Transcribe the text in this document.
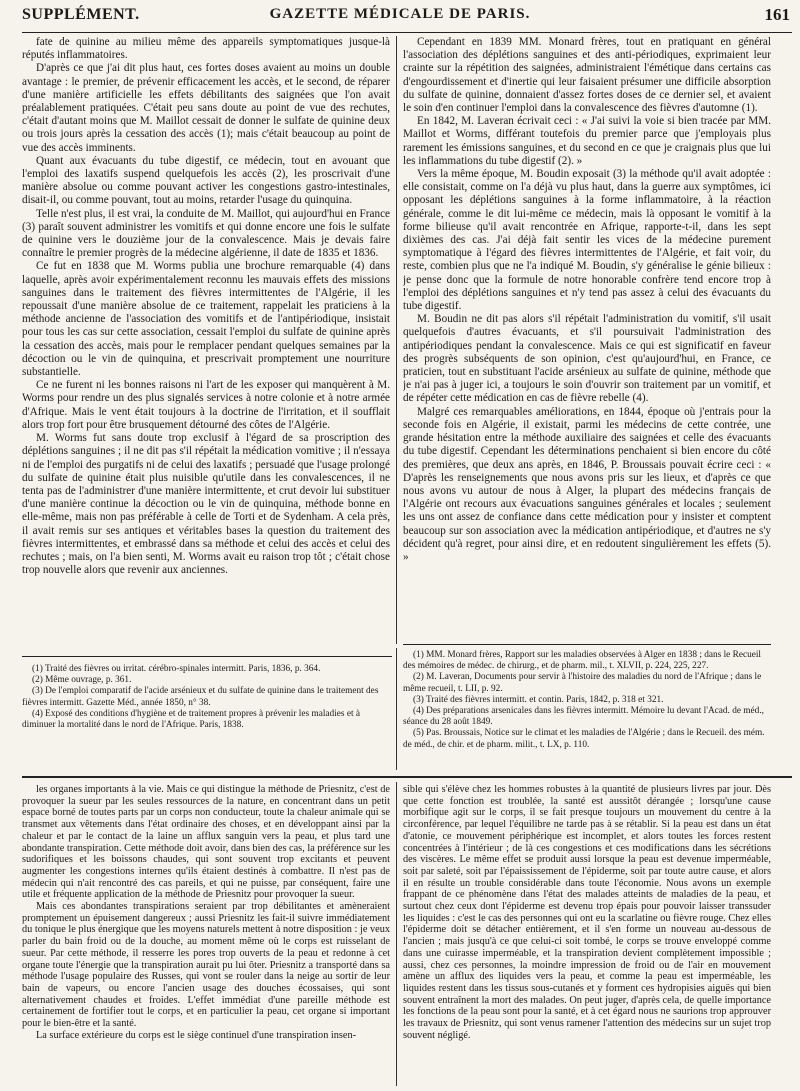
SUPPLÉMENT.	GAZETTE MÉDICALE DE PARIS.	161

fate de quinine au milieu même des appareils symptomatiques jusque-là réputés inflammatoires.

D'après ce que j'ai dit plus haut, ces fortes doses avaient au moins un double avantage : le premier, de prévenir efficacement les accès, et le second, de réparer d'une manière artificielle les effets débilitants des saignées que l'on avait préalablement pratiquées. C'était peu sans doute au point de vue des rechutes, c'était d'autant moins que M. Maillot cessait de donner le sulfate de quinine deux ou trois jours après la cessation des accès (1); mais c'était beaucoup au point de vue des accès imminents.

Quant aux évacuants du tube digestif, ce médecin, tout en avouant que l'emploi des laxatifs suspend quelquefois les accès (2), les proscrivait d'une manière absolue ou comme pouvant activer les congestions gastro-intestinales, disait-il, ou comme pouvant, tout au moins, retarder l'usage du quinquina.

Telle n'est plus, il est vrai, la conduite de M. Maillot, qui aujourd'hui en France (3) paraît souvent administrer les vomitifs et qui donne encore une fois le sulfate de quinine vers le douzième jour de la convalescence. Mais je devais faire connaître le premier progrès de la médecine algérienne, il date de 1835 et 1836.

Ce fut en 1838 que M. Worms publia une brochure remarquable (4) dans laquelle, après avoir expérimentalement reconnu les mauvais effets des missions sanguines dans le traitement des fièvres intermittentes de l'Algérie, il les repoussait d'une manière absolue de ce traitement, rappelait les praticiens à la méthode ancienne de l'association des vomitifs et de l'antipériodique, insistait pour tous les cas sur cette association, cessait l'emploi du sulfate de quinine après la cessation des accès, mais pour le remplacer pendant quelques semaines par la décoction ou le vin de quinquina, et prescrivait promptement une nourriture substantielle.

Ce ne furent ni les bonnes raisons ni l'art de les exposer qui manquèrent à M. Worms pour rendre un des plus signalés services à notre colonie et à notre armée d'Afrique. Mais le vent était toujours à la doctrine de l'irritation, et il soufflait alors trop fort pour être brusquement détourné des côtes de l'Algérie.

M. Worms fut sans doute trop exclusif à l'égard de sa proscription des déplétions sanguines ; il ne dit pas s'il répétait la médication vomitive ; il n'essaya ni de l'emploi des purgatifs ni de celui des laxatifs ; persuadé que l'usage prolongé du sulfate de quinine était plus nuisible qu'utile dans les convalescences, il ne tenta pas de l'administrer d'une manière intermittente, et crut devoir lui substituer d'une manière continue la décoction ou le vin de quinquina, méthode bonne en elle-même, mais non pas préférable à celle de Torti et de Sydenham. A cela près, il avait remis sur ses antiques et véritables bases la question du traitement des fièvres intermittentes, et embrassé dans sa méthode et celui des accès et celui des rechutes ; mais, on l'a bien senti, M. Worms avait eu raison trop tôt ; c'était chose trop nouvelle alors que revenir aux anciennes.

Cependant en 1839 MM. Monard frères, tout en pratiquant en général l'association des déplétions sanguines et des anti-périodiques, exprimaient leur crainte sur la répétition des saignées, administraient l'émétique dans certains cas d'engourdissement et d'inertie qui leur faisaient présumer une difficile absorption du sulfate de quinine, donnaient d'assez fortes doses de ce dernier sel, et avaient le soin d'en continuer l'emploi dans la convalescence des fièvres d'automne (1).

En 1842, M. Laveran écrivait ceci : « J'ai suivi la voie si bien tracée par MM. Maillot et Worms, différant toutefois du premier parce que j'employais plus rarement les émissions sanguines, et du second en ce que je craignais plus que lui les inflammations du tube digestif (2). »

Vers la même époque, M. Boudin exposait (3) la méthode qu'il avait adoptée : elle consistait, comme on l'a déjà vu plus haut, dans la guerre aux symptômes, ici opposant les déplétions sanguines à la forme inflammatoire, à la réaction générale, comme le dit lui-même ce médecin, mais là opposant le vomitif à la forme bilieuse qu'il avait rencontrée en Afrique, rapporte-t-il, dans les sept dixièmes des cas. J'ai déjà fait sentir les vices de la médecine purement symptomatique à l'égard des fièvres intermittentes de l'Algérie, et fait voir, du reste, combien plus que ne l'a indiqué M. Boudin, s'y généralise le génie bilieux : je pense donc que la formule de notre honorable confrère tend encore trop à l'emploi des déplétions sanguines et n'y tend pas assez à celui des évacuants du tube digestif.

M. Boudin ne dit pas alors s'il répétait l'administration du vomitif, s'il usait quelquefois d'autres évacuants, et s'il poursuivait l'administration des antipériodiques pendant la convalescence. Mais ce qui est significatif en faveur des progrès subséquents de son opinion, c'est qu'aujourd'hui, en France, ce praticien, tout en substituant l'acide arsénieux au sulfate de quinine, méthode que je n'ai pas à juger ici, a toujours le soin d'ouvrir son traitement par un vomitif, et de répéter cette médication en cas de fièvre rebelle (4).

Malgré ces remarquables améliorations, en 1844, époque où j'entrais pour la seconde fois en Algérie, il existait, parmi les médecins de cette contrée, une grande hésitation entre la méthode auxiliaire des saignées et celle des évacuants du tube digestif. Cependant les déterminations penchaient si bien encore du côté des premières, que deux ans après, en 1846, P. Broussais pouvait écrire ceci : « D'après les renseignements que nous avons pris sur les lieux, et d'après ce que nous avons vu autour de nous à Alger, la plupart des médecins français de l'Algérie ont recours aux évacuations sanguines générales et locales ; seulement les uns ont assez de confiance dans cette médication pour y insister et comptent beaucoup sur son association avec la médication antipériodique, et d'autres ne s'y décident qu'à regret, pour ainsi dire, et en redoutent singulièrement les effets (5). »

(1) Traité des fièvres ou irritat. cérébro-spinales intermitt. Paris, 1836, p. 364.

(2) Même ouvrage, p. 361.

(3) De l'emploi comparatif de l'acide arsénieux et du sulfate de quinine dans le traitement des fièvres intermitt. Gazette Méd., année 1850, n° 38.

(4) Exposé des conditions d'hygiène et de traitement propres à prévenir les maladies et à diminuer la mortalité dans le nord de l'Afrique. Paris, 1838.

(1) MM. Monard frères, Rapport sur les maladies observées à Alger en 1838 ; dans le Recueil des mémoires de médec. de chirurg., et de pharm. mil., t. XLVII, p. 224, 225, 227.

(2) M. Laveran, Documents pour servir à l'histoire des maladies du nord de l'Afrique ; dans le même recueil, t. LII, p. 92.

(3) Traité des fièvres intermitt. et contin. Paris, 1842, p. 318 et 321.

(4) Des préparations arsenicales dans les fièvres intermitt. Mémoire lu devant l'Acad. de méd., séance du 28 août 1849.

(5) Pas. Broussais, Notice sur le climat et les maladies de l'Algérie ; dans le Recueil. des mém. de méd., de chir. et de pharm. milit., t. LX, p. 110.

les organes importants à la vie. Mais ce qui distingue la méthode de Priesnitz, c'est de provoquer la sueur par les seules ressources de la nature, en concentrant dans un petit espace borné de toutes parts par un corps non conducteur, toute la chaleur animale qui se transmet aux vêtements dans l'état ordinaire des choses, et en développant ainsi par la chaleur et par le contact de la laine un afflux sanguin vers la peau, et plus tard une abondante transpiration. Cette méthode doit avoir, dans bien des cas, la préférence sur les sudorifiques et les boissons chaudes, qui sont souvent trop excitants et peuvent augmenter les congestions internes qu'ils étaient destinés à combattre. Il n'est pas de médecin qui n'ait rencontré des cas pareils, et qui ne puisse, par conséquent, faire une utile et fréquente application de la méthode de Priesnitz pour provoquer la sueur.

Mais ces abondantes transpirations seraient par trop débilitantes et amèneraient promptement un épuisement dangereux ; aussi Priesnitz les fait-il suivre immédiatement du tonique le plus énergique que les moyens naturels mettent à notre disposition : je veux parler du bain froid ou de la douche, au moment même où le corps est ruisselant de sueur. Par cette méthode, il resserre les pores trop ouverts de la peau et redonne à cet organe toute l'énergie que la transpiration aurait pu lui ôter. Priesnitz a transporté dans sa méthode l'usage populaire des Russes, qui vont se rouler dans la neige au sortir de leur bain de vapeurs, ou encore l'ancien usage des douches écossaises, qui sont alternativement chaudes et froides. L'effet immédiat d'une pareille méthode est certainement de fortifier tout le corps, et en particulier la peau, cet organe si important pour le bien-être et la santé.

La surface extérieure du corps est le siège continuel d'une transpiration insen-

sible qui s'élève chez les hommes robustes à la quantité de plusieurs livres par jour. Dès que cette fonction est troublée, la santé est aussitôt dérangée ; lorsqu'une cause morbifique agit sur le corps, il se fait presque toujours un mouvement du centre à la circonférence, par lequel l'équilibre ne tarde pas à se rétablir. Si la peau est dans un état d'atonie, ce mouvement périphérique est incomplet, et alors toutes les forces restent concentrées à l'intérieur ; de là ces congestions et ces modifications dans les sécrétions des viscères. Le même effet se produit aussi lorsque la peau est devenue imperméable, soit par saleté, soit par l'épaississement de l'épiderme, soit par toute autre cause, et alors il en résulte un trouble considérable dans toute l'économie. Nous avons un exemple frappant de ce phénomène dans l'état des malades atteints de maladies de la peau, et surtout chez ceux dont l'épiderme est devenu trop épais pour pouvoir laisser transsuder les liquides : c'est le cas des personnes qui ont eu la scarlatine ou fièvre rouge. Chez elles l'épiderme doit se détacher entièrement, et il s'en forme un nouveau au-dessous de l'ancien ; mais jusqu'à ce que celui-ci soit tombé, le corps se trouve enveloppé comme dans une cuirasse imperméable, et la transpiration devient complètement impossible ; aussi, chez ces personnes, la moindre impression de froid ou de l'air en mouvement amène un afflux des liquides vers la peau, et comme la peau est imperméable, les liquides restent dans les tissus sous-cutanés et y forment ces hydropisies aiguës qui bien souvent entraînent la mort des malades. On peut juger, d'après cela, de quelle importance les fonctions de la peau sont pour la santé, et à cet égard nous ne saurions trop approuver les travaux de Priesnitz, qui sont venus ramener l'attention des médecins sur un sujet trop souvent négligé.
